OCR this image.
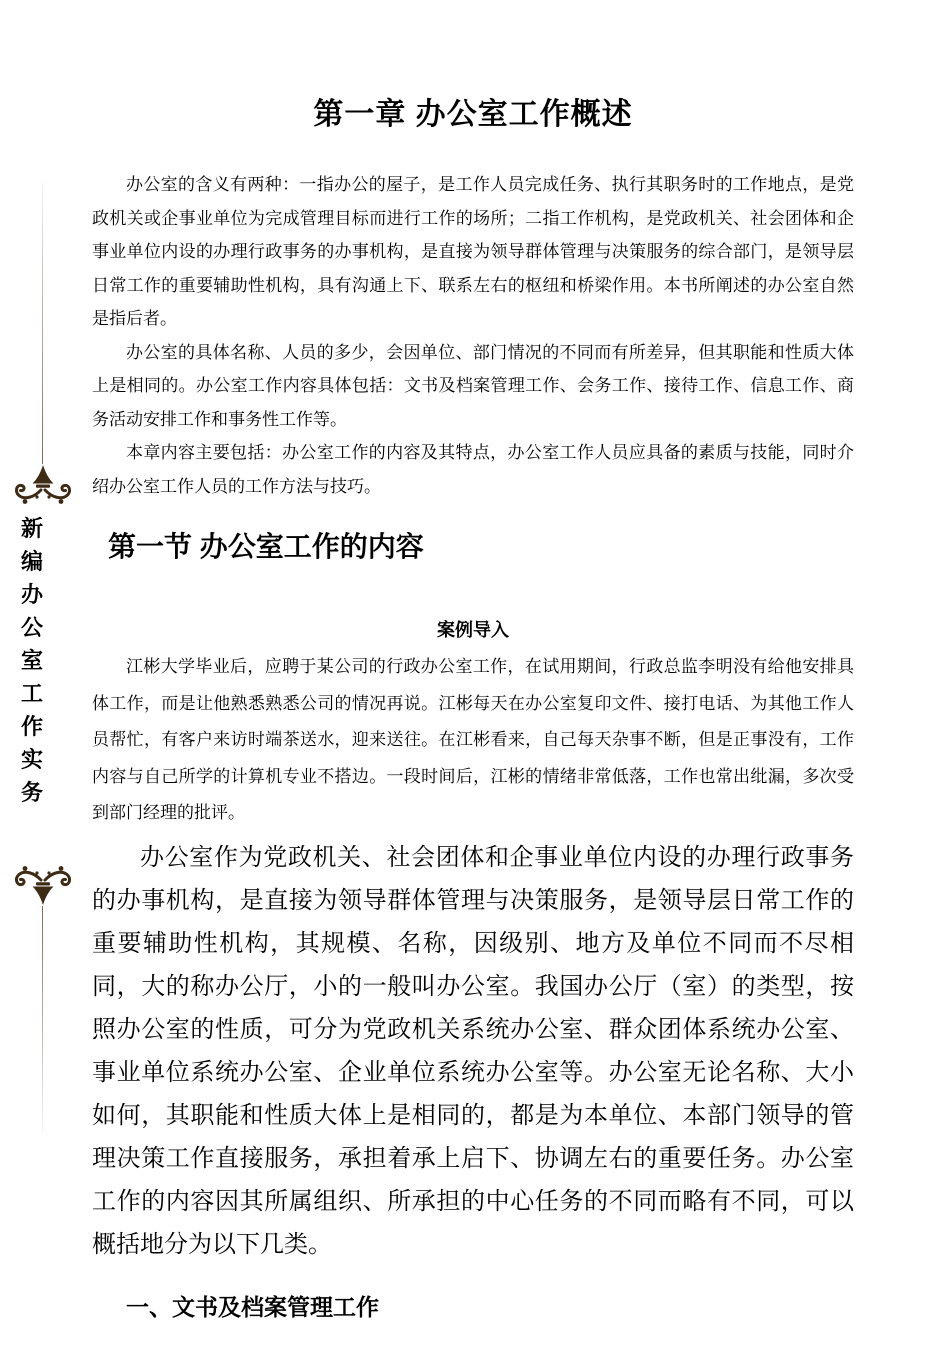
新
编
办
公
室
工
作
实
务
第一章 办公室工作概述

办公室的含义有两种：一指办公的屋子，是工作人员完成任务、执行其职务时的工作地点，是党政机关或企事业单位为完成管理目标而进行工作的场所；二指工作机构，是党政机关、社会团体和企事业单位内设的办理行政事务的办事机构，是直接为领导群体管理与决策服务的综合部门，是领导层日常工作的重要辅助性机构，具有沟通上下、联系左右的枢纽和桥梁作用。本书所阐述的办公室自然是指后者。

办公室的具体名称、人员的多少，会因单位、部门情况的不同而有所差异，但其职能和性质大体上是相同的。办公室工作内容具体包括：文书及档案管理工作、会务工作、接待工作、信息工作、商务活动安排工作和事务性工作等。

本章内容主要包括：办公室工作的内容及其特点，办公室工作人员应具备的素质与技能，同时介绍办公室工作人员的工作方法与技巧。

第一节 办公室工作的内容
案例导入

江彬大学毕业后，应聘于某公司的行政办公室工作，在试用期间，行政总监李明没有给他安排具体工作，而是让他熟悉熟悉公司的情况再说。江彬每天在办公室复印文件、接打电话、为其他工作人员帮忙，有客户来访时端茶送水，迎来送往。在江彬看来，自己每天杂事不断，但是正事没有，工作内容与自己所学的计算机专业不搭边。一段时间后，江彬的情绪非常低落，工作也常出纰漏，多次受到部门经理的批评。

办公室作为党政机关、社会团体和企事业单位内设的办理行政事务的办事机构，是直接为领导群体管理与决策服务，是领导层日常工作的重要辅助性机构，其规模、名称，因级别、地方及单位不同而不尽相同，大的称办公厅，小的一般叫办公室。我国办公厅（室）的类型，按照办公室的性质，可分为党政机关系统办公室、群众团体系统办公室、事业单位系统办公室、企业单位系统办公室等。办公室无论名称、大小如何，其职能和性质大体上是相同的，都是为本单位、本部门领导的管理决策工作直接服务，承担着承上启下、协调左右的重要任务。办公室工作的内容因其所属组织、所承担的中心任务的不同而略有不同，可以概括地分为以下几类。

一、文书及档案管理工作
